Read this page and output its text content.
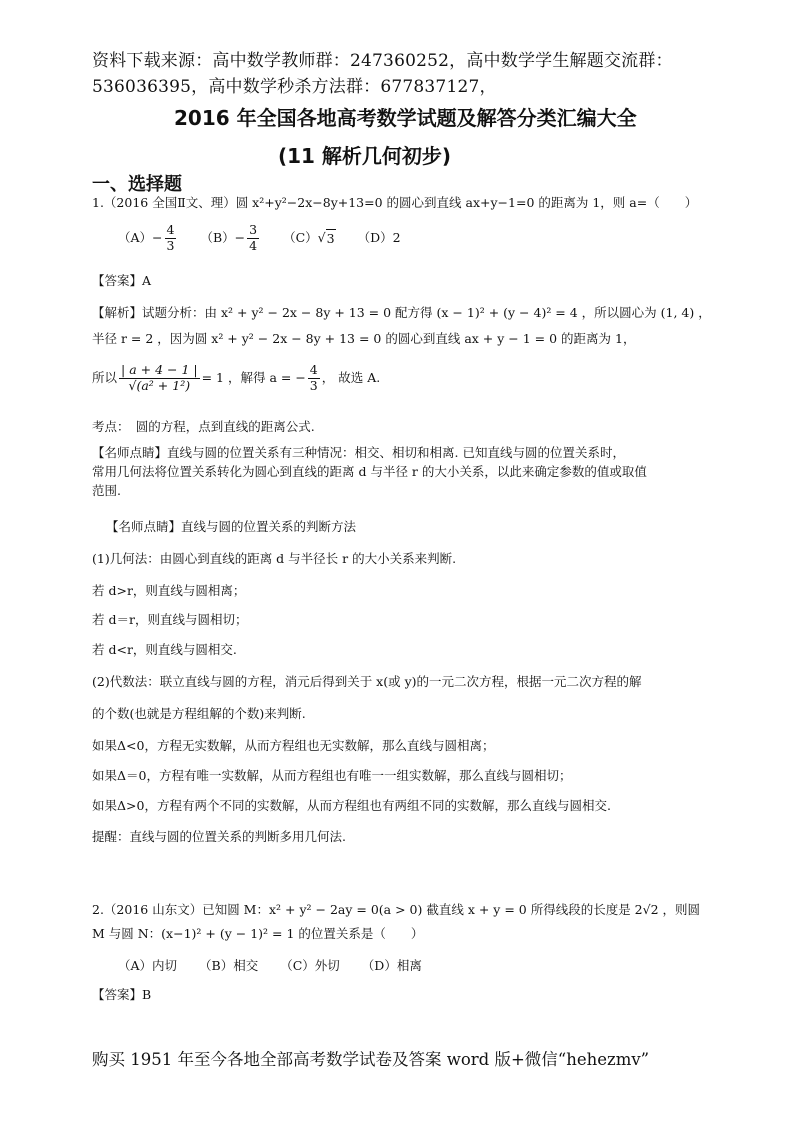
资料下载来源：高中数学教师群：247360252，高中数学学生解题交流群：
536036395，高中数学秒杀方法群：677837127，
2016 年全国各地高考数学试题及解答分类汇编大全
(11 解析几何初步)
一、选择题
1.（2016 全国Ⅱ文、理）圆 x²+y²−2x−8y+13=0 的圆心到直线 ax+y−1=0 的距离为 1，则 a=（　　）
$(A)- \frac{4}{3} (B)- \frac{3}{4} (C)$ √ 3 （D）2
【答案】A
【解析】试题分析：由 x² + y² − 2x − 8y + 13 = 0 配方得 (x − 1)² + (y − 4)² = 4 ，所以圆心为 (1, 4) ，
半径 r = 2 ，因为圆 x² + y² − 2x − 8y + 13 = 0 的圆心到直线 ax + y − 1 = 0 的距离为 1，
所以 $\frac{| a + 4 - 1 |}{\text{√(a² + 1²)}} = 1$ ，解得 a = − $\frac{4}{3}$ ， 故选 A.
考点：　圆的方程，点到直线的距离公式.
【名师点睛】直线与圆的位置关系有三种情况：相交、相切和相离. 已知直线与圆的位置关系时，
常用几何法将位置关系转化为圆心到直线的距离 d 与半径 r 的大小关系，以此来确定参数的值或取值
范围.
【名师点睛】直线与圆的位置关系的判断方法
(1)几何法：由圆心到直线的距离 d 与半径长 r 的大小关系来判断.
若 d>r，则直线与圆相离；
若 d＝r，则直线与圆相切；
若 d<r，则直线与圆相交.
(2)代数法：联立直线与圆的方程，消元后得到关于 x(或 y)的一元二次方程，根据一元二次方程的解
的个数(也就是方程组解的个数)来判断.
如果Δ<0，方程无实数解，从而方程组也无实数解，那么直线与圆相离；
如果Δ＝0，方程有唯一实数解，从而方程组也有唯一一组实数解，那么直线与圆相切；
如果Δ>0，方程有两个不同的实数解，从而方程组也有两组不同的实数解，那么直线与圆相交.
提醒：直线与圆的位置关系的判断多用几何法.
2.（2016 山东文）已知圆 M：x² + y² − 2ay = 0(a > 0) 截直线 x + y = 0 所得线段的长度是 2√2 ，则圆
M 与圆 N：(x−1)² + (y − 1)² = 1 的位置关系是（　　）
（A）内切 （B）相交 （C）外切 （D）相离
【答案】B
购买 1951 年至今各地全部高考数学试卷及答案 word 版+微信“hehezmv”
